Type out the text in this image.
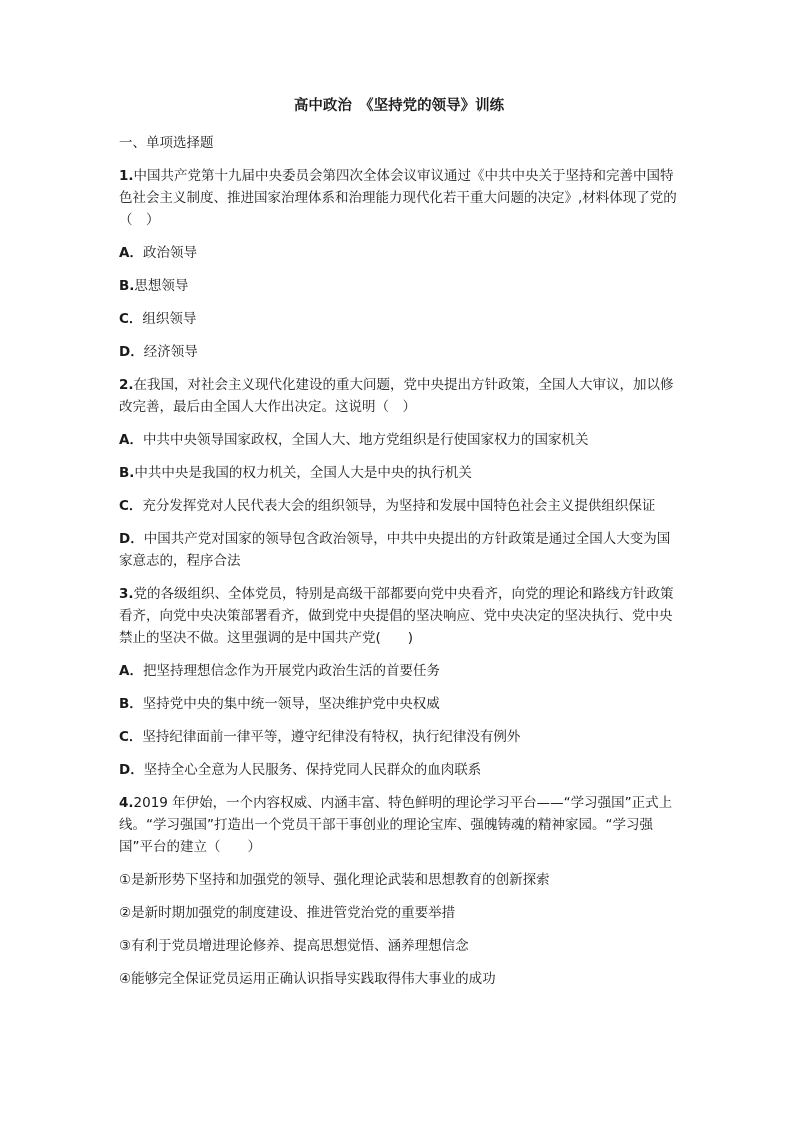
高中政治　《坚持党的领导》训练
一、单项选择题
1.中国共产党第十九届中央委员会第四次全体会议审议通过《中共中央关于坚持和完善中国特色社会主义制度、推进国家治理体系和治理能力现代化若干重大问题的决定》,材料体现了党的（　）
A．政治领导
B.思想领导
C．组织领导
D．经济领导
2.在我国，对社会主义现代化建设的重大问题，党中央提出方针政策，全国人大审议，加以修改完善，最后由全国人大作出决定。这说明（　）
A．中共中央领导国家政权，全国人大、地方党组织是行使国家权力的国家机关
B.中共中央是我国的权力机关，全国人大是中央的执行机关
C．充分发挥党对人民代表大会的组织领导，为坚持和发展中国特色社会主义提供组织保证
D．中国共产党对国家的领导包含政治领导，中共中央提出的方针政策是通过全国人大变为国家意志的，程序合法
3.党的各级组织、全体党员，特别是高级干部都要向党中央看齐，向党的理论和路线方针政策看齐，向党中央决策部署看齐，做到党中央提倡的坚决响应、党中央决定的坚决执行、党中央禁止的坚决不做。这里强调的是中国共产党(　　)
A．把坚持理想信念作为开展党内政治生活的首要任务
B．坚持党中央的集中统一领导，坚决维护党中央权威
C．坚持纪律面前一律平等，遵守纪律没有特权，执行纪律没有例外
D．坚持全心全意为人民服务、保持党同人民群众的血肉联系
4.2019 年伊始，一个内容权威、内涵丰富、特色鲜明的理论学习平台——“学习强国”正式上线。“学习强国”打造出一个党员干部干事创业的理论宝库、强魄铸魂的精神家园。“学习强国”平台的建立（　　）
①是新形势下坚持和加强党的领导、强化理论武装和思想教育的创新探索
②是新时期加强党的制度建设、推进管党治党的重要举措
③有利于党员增进理论修养、提高思想觉悟、涵养理想信念
④能够完全保证党员运用正确认识指导实践取得伟大事业的成功
